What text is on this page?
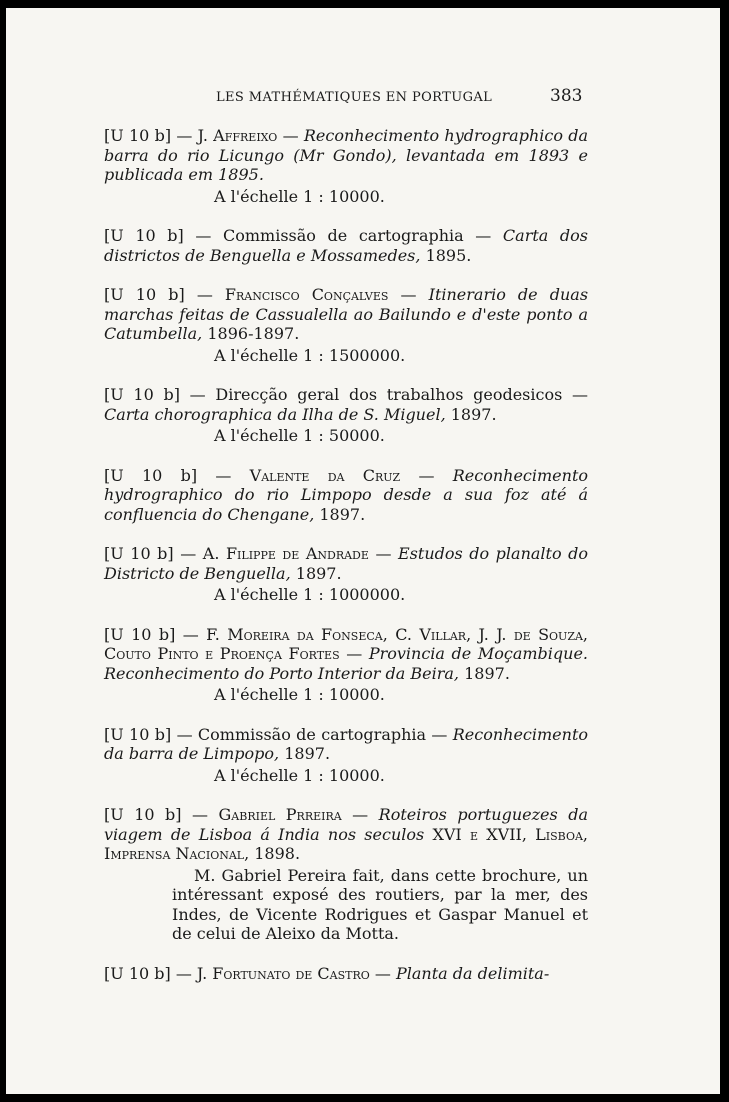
LES MATHÉMATIQUES EN PORTUGAL	383
[U 10 b] — J. Affreixo — Reconhecimento hydrographico da barra do rio Licungo (Mr Gondo), levantada em 1893 e publicada em 1895.
A l'échelle 1 : 10000.
[U 10 b] — Commissão de cartographia — Carta dos districtos de Benguella e Mossamedes, 1895.
[U 10 b] — Francisco Conçalves — Itinerario de duas marchas feitas de Cassualella ao Bailundo e d'este ponto a Catumbella, 1896-1897.
A l'échelle 1 : 1500000.
[U 10 b] — Direcção geral dos trabalhos geodesicos — Carta chorographica da Ilha de S. Miguel, 1897.
A l'échelle 1 : 50000.
[U 10 b] — Valente da Cruz — Reconhecimento hydrographico do rio Limpopo desde a sua foz até á confluencia do Chengane, 1897.
[U 10 b] — A. Filippe de Andrade — Estudos do planalto do Districto de Benguella, 1897.
A l'échelle 1 : 1000000.
[U 10 b] — F. Moreira da Fonseca, C. Villar, J. J. de Souza, Couto Pinto e Proença Fortes — Provincia de Moçambique. Reconhecimento do Porto Interior da Beira, 1897.
A l'échelle 1 : 10000.
[U 10 b] — Commissão de cartographia — Reconhecimento da barra de Limpopo, 1897.
A l'échelle 1 : 10000.
[U 10 b] — Gabriel Prreira — Roteiros portuguezes da viagem de Lisboa á India nos seculos XVI e XVII, Lisboa, Imprensa Nacional, 1898.
M. Gabriel Pereira fait, dans cette brochure, un intéressant exposé des routiers, par la mer, des Indes, de Vicente Rodrigues et Gaspar Manuel et de celui de Aleixo da Motta.
[U 10 b] — J. Fortunato de Castro — Planta da delimita-
